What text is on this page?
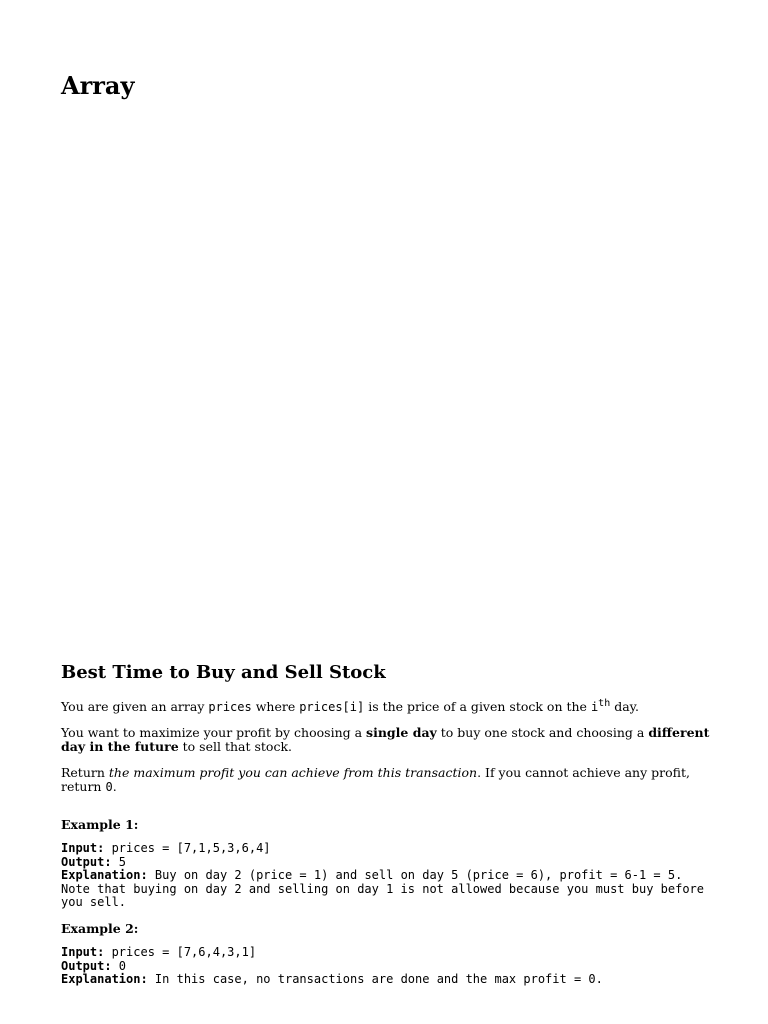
Array
Best Time to Buy and Sell Stock

You are given an array prices where prices[i] is the price of a given stock on the $i^{th}$ day.

You want to maximize your profit by choosing a single day to buy one stock and choosing a different day in the future to sell that stock.

Return the maximum profit you can achieve from this transaction. If you cannot achieve any profit, return 0.

Example 1:

Input: prices = [7,1,5,3,6,4]
Output: 5
Explanation: Buy on day 2 (price = 1) and sell on day 5 (price = 6), profit = 6-1 = 5.
Note that buying on day 2 and selling on day 1 is not allowed because you must buy before you sell.

Example 2:

Input: prices = [7,6,4,3,1]
Output: 0
Explanation: In this case, no transactions are done and the max profit = 0.
